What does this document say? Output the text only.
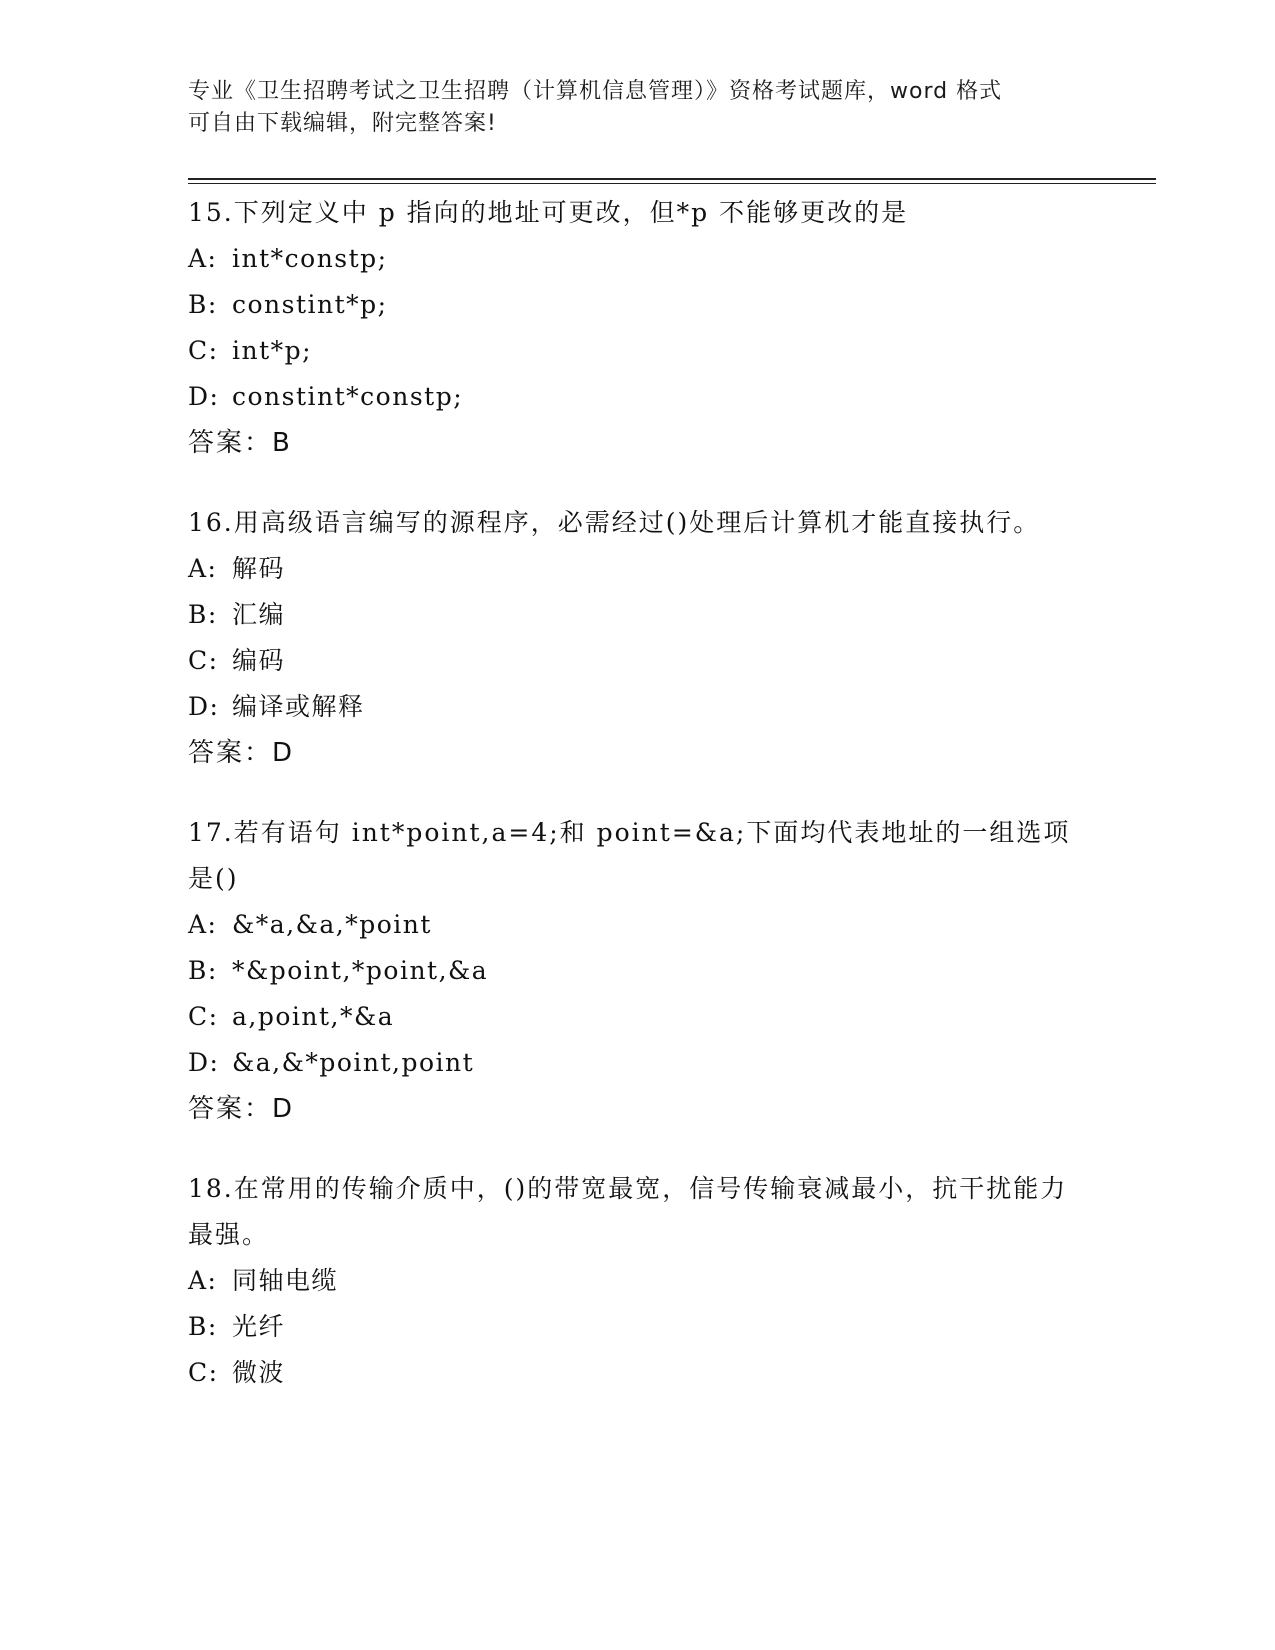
专业《卫生招聘考试之卫生招聘（计算机信息管理）》资格考试题库，word 格式
可自由下载编辑，附完整答案!
15.下列定义中 p 指向的地址可更改，但*p 不能够更改的是
A: int*constp;
B: constint*p;
C: int*p;
D: constint*constp;
答案：B
16.用高级语言编写的源程序，必需经过()处理后计算机才能直接执行。
A: 解码
B: 汇编
C: 编码
D: 编译或解释
答案：D
17.若有语句 int*point,a=4;和 point=&a;下面均代表地址的一组选项是()
A: &*a,&a,*point
B: *&point,*point,&a
C: a,point,*&a
D: &a,&*point,point
答案：D
18.在常用的传输介质中，()的带宽最宽，信号传输衰减最小，抗干扰能力最强。
A: 同轴电缆
B: 光纤
C: 微波
